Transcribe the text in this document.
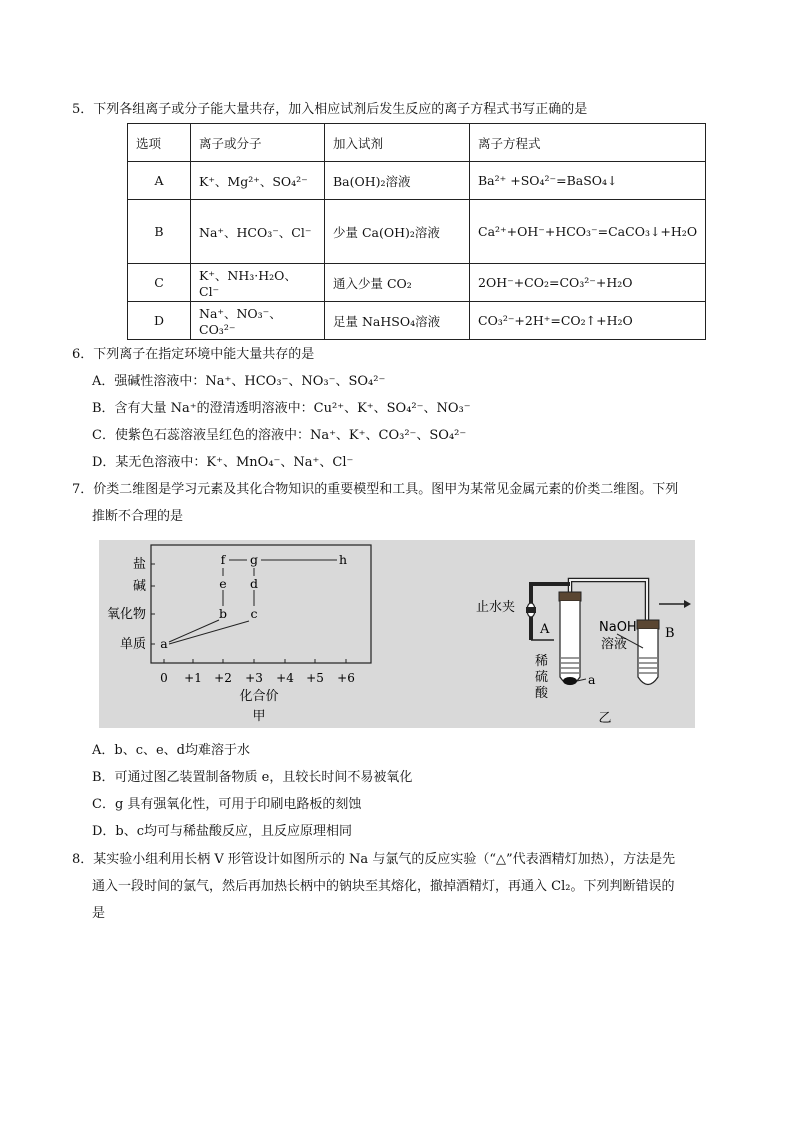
5．下列各组离子或分子能大量共存，加入相应试剂后发生反应的离子方程式书写正确的是
选项	离子或分子	加入试剂	离子方程式
A	K⁺、Mg²⁺、SO₄²⁻	Ba(OH)₂溶液	Ba²⁺ +SO₄²⁻=BaSO₄↓
B	Na⁺、HCO₃⁻、Cl⁻	少量 Ca(OH)₂溶液	Ca²⁺+OH⁻+HCO₃⁻=CaCO₃↓+H₂O
C	K⁺、NH₃·H₂O、Cl⁻	通入少量 CO₂	2OH⁻+CO₂=CO₃²⁻+H₂O
D	Na⁺、NO₃⁻、CO₃²⁻	足量 NaHSO₄溶液	CO₃²⁻+2H⁺=CO₂↑+H₂O
6．下列离子在指定环境中能大量共存的是
A．强碱性溶液中：Na⁺、HCO₃⁻、NO₃⁻、SO₄²⁻
B．含有大量 Na⁺的澄清透明溶液中：Cu²⁺、K⁺、SO₄²⁻、NO₃⁻
C．使紫色石蕊溶液呈红色的溶液中：Na⁺、K⁺、CO₃²⁻、SO₄²⁻
D．某无色溶液中：K⁺、MnO₄⁻、Na⁺、Cl⁻
7．价类二维图是学习元素及其化合物知识的重要模型和工具。图甲为某常见金属元素的价类二维图。下列
推断不合理的是
盐
碱
氧化物
单质
0 +1 +2 +3 +4 +5 +6
化合价
甲
a
b c
d
e
f g	h
止水夹
A	B
稀
硫
酸
a
NaOH
溶液
乙
A．b、c、e、d均难溶于水
B．可通过图乙装置制备物质 e，且较长时间不易被氧化
C．g 具有强氧化性，可用于印刷电路板的刻蚀
D．b、c均可与稀盐酸反应，且反应原理相同
8．某实验小组利用长柄 V 形管设计如图所示的 Na 与氯气的反应实验（“△”代表酒精灯加热），方法是先
通入一段时间的氯气，然后再加热长柄中的钠块至其熔化，撤掉酒精灯，再通入 Cl₂。下列判断错误的
是
